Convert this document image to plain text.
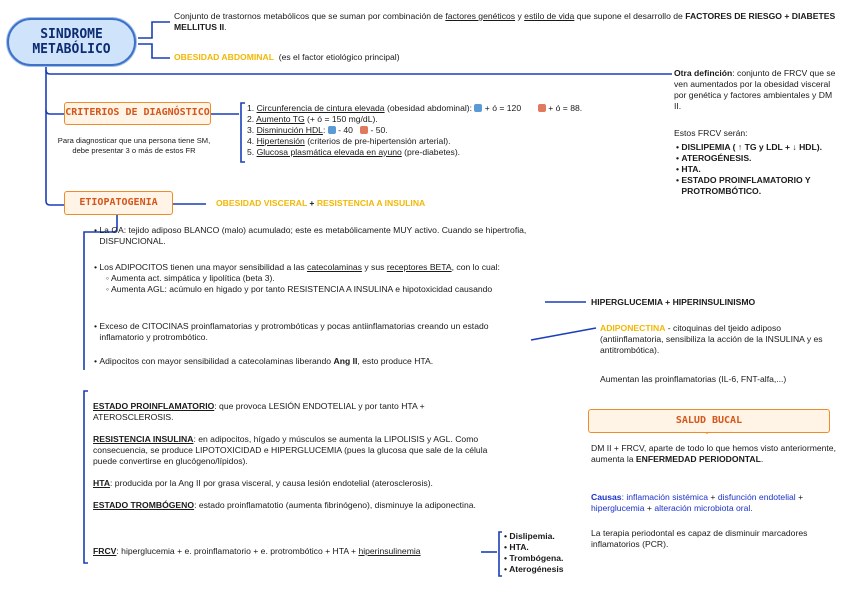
SINDROME
METABÓLICO
Conjunto de trastornos metabólicos que se suman por combinación de factores genéticos y estilo de vida que supone el desarrollo de FACTORES DE RIESGO + DIABETES MELLITUS II.
OBESIDAD ABDOMINAL (es el factor etiológico principal)
Otra definción: conjunto de FRCV que se ven aumentados por la obesidad visceral por genética y factores ambientales y DM II.
Estos FRCV serán:
• DISLIPEMIA ( ↑ TG y LDL + ↓ HDL).
• ATEROGÉNESIS.
• HTA.
• ESTADO PROINFLAMATORIO Y PROTROMBÓTICO.
CRITERIOS DE DIAGNÓSTICO
Para diagnosticar que una persona tiene SM, debe presentar 3 o más de estos FR
1. Circunferencia de cintura elevada (obesidad abdominal):  + ó = 120	+ ó = 88.
2. Aumento TG (+ ó = 150 mg/dL).
3. Disminución HDL:  - 40    - 50.
4. Hipertensión (criterios de pre-hipertensión arterial).
5. Glucosa plasmática elevada en ayuno (pre-diabetes).
ETIOPATOGENIA	OBESIDAD VISCERAL + RESISTENCIA A INSULINA
• La OA: tejido adiposo BLANCO (malo) acumulado; este es metabólicamente MUY activo. Cuando se hipertrofia, DISFUNCIONAL.
• Los ADIPOCITOS tienen una mayor sensibilidad a las catecolaminas y sus receptores BETA, con lo cual:
◦ Aumenta act. simpática y lipolítica (beta 3).
◦ Aumenta AGL: acúmulo en higado y por tanto RESISTENCIA A INSULINA e hipotoxicidad causando
HIPERGLUCEMIA + HIPERINSULINISMO
• Exceso de CITOCINAS proinflamatorias y protrombóticas y pocas antiinflamatorias creando un estado inflamatorio y protrombótico.
ADIPONECTINA - citoquinas del tjeido adiposo (antiinflamatoria, sensibiliza la acción de la INSULINA y es antitrombótica).
Aumentan las proinflamatorias (IL-6, FNT-alfa,...)
• Adipocitos con mayor sensibilidad a catecolaminas liberando Ang II, esto produce HTA.
ESTADO PROINFLAMATORIO: que provoca LESIÓN ENDOTELIAL y por tanto HTA + ATEROSCLEROSIS.
RESISTENCIA INSULINA: en adipocitos, hígado y músculos se aumenta la LIPOLISIS y AGL. Como consecuencia, se produce LIPOTOXICIDAD e HIPERGLUCEMIA (pues la glucosa que sale de la célula puede convertirse en glucógeno/lípidos).
HTA: producida por la Ang II por grasa visceral, y causa lesión endotelial (aterosclerosis).
ESTADO TROMBÓGENO: estado proinflamatotio (aumenta fibrinógeno), disminuye la adiponectina.
FRCV: hiperglucemia + e. proinflamatorio + e. protrombótico + HTA + hiperinsulinemia
• Dislipemia.
• HTA.
• Trombógena.
• Aterogénesis
SALUD BUCAL
DM II + FRCV, aparte de todo lo que hemos visto anteriormente, aumenta la ENFERMEDAD PERIODONTAL.
Causas: inflamación sistémica + disfunción endotelial + hiperglucemia + alteración microbiota oral.
La terapia periodontal es capaz de disminuir marcadores inflamatorios (PCR).
